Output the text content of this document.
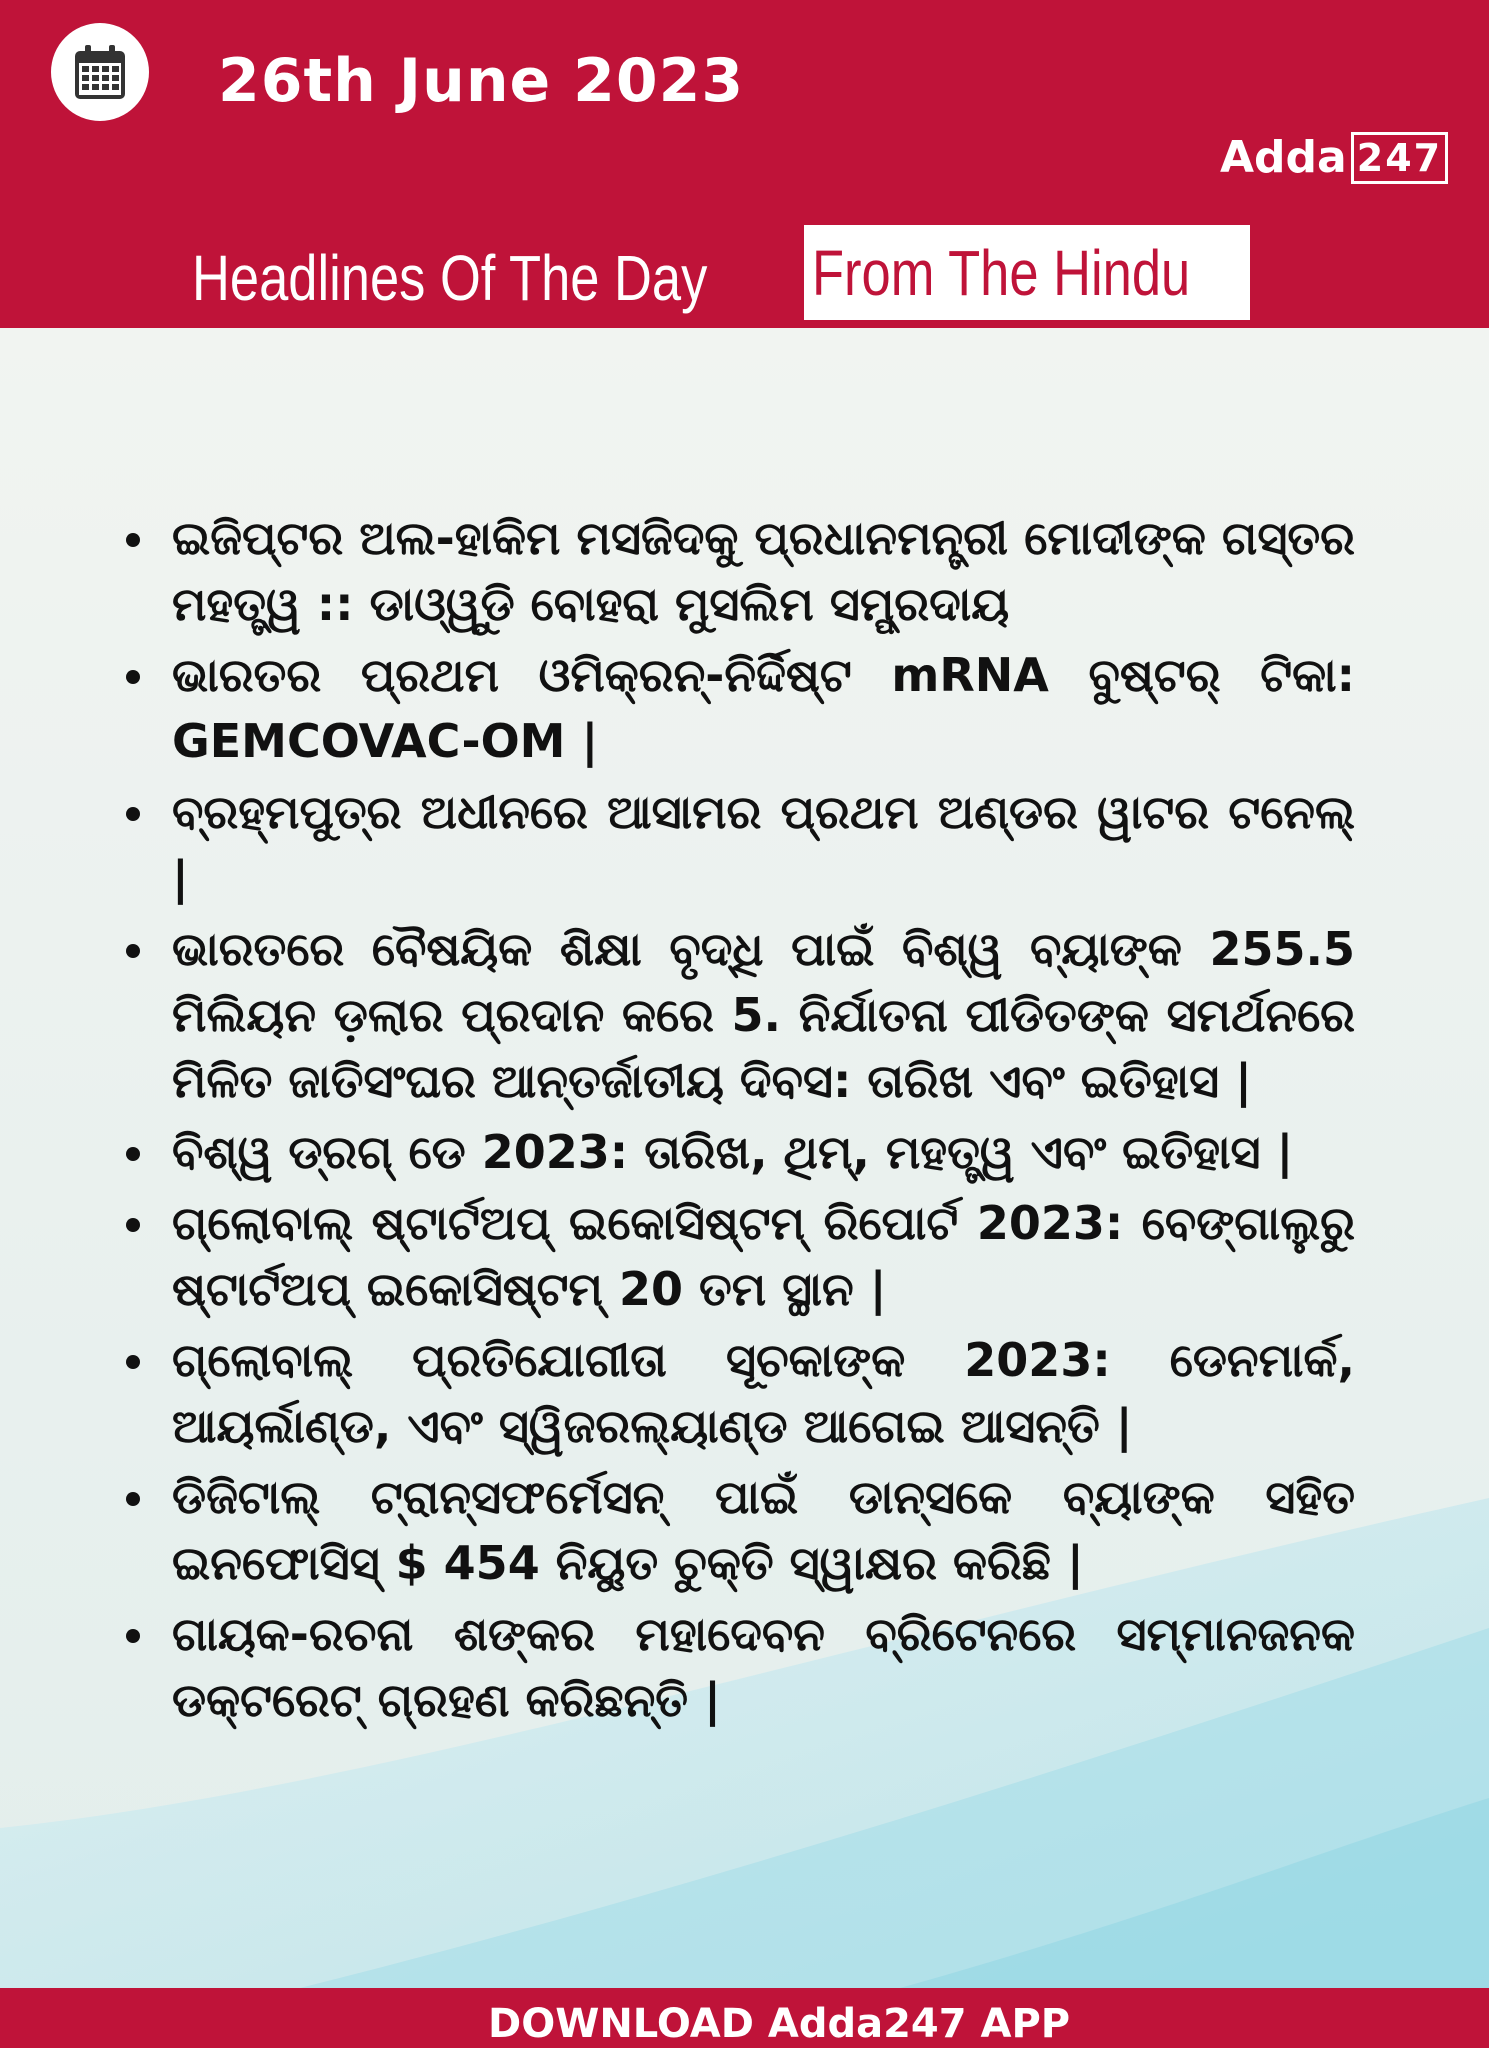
26th June 2023
Adda 247
Headlines Of The Day From The Hindu
ଇଜିପ୍ଟର ଅଲ-ହାକିମ ମସଜିଦକୁ ପ୍ରଧାନମନ୍ତ୍ରୀ ମୋଦୀଙ୍କ ଗସ୍ତର ମହତ୍ତ୍ୱ :: ଡାଓ୍ୱୁଡି ବୋହରା ମୁସଲିମ ସମ୍ପ୍ରଦାୟ
ଭାରତର ପ୍ରଥମ ଓମିକ୍ରନ୍-ନିର୍ଦ୍ଦିଷ୍ଟ mRNA ବୁଷ୍ଟର୍ ଟିକା: GEMCOVAC-OM |
ବ୍ରହ୍ମପୁତ୍ର ଅଧୀନରେ ଆସାମର ପ୍ରଥମ ଅଣ୍ଡର ୱାଟର ଟନେଲ୍ |
ଭାରତରେ ବୈଷୟିକ ଶିକ୍ଷା ବୃଦ୍ଧି ପାଇଁ ବିଶ୍ୱ ବ୍ୟାଙ୍କ 255.5 ମିଲିୟନ ଡ଼ଲାର ପ୍ରଦାନ କରେ 5. ନିର୍ଯାତନା ପୀଡିତଙ୍କ ସମର୍ଥନରେ ମିଳିତ ଜାତିସଂଘର ଆନ୍ତର୍ଜାତୀୟ ଦିବସ: ତାରିଖ ଏବଂ ଇତିହାସ |
ବିଶ୍ୱ ଡ୍ରଗ୍ ଡେ 2023: ତାରିଖ, ଥିମ୍, ମହତ୍ତ୍ୱ ଏବଂ ଇତିହାସ |
ଗ୍ଲୋବାଲ୍ ଷ୍ଟାର୍ଟଅପ୍ ଇକୋସିଷ୍ଟମ୍ ରିପୋର୍ଟ 2023: ବେଙ୍ଗାଲୁରୁ ଷ୍ଟାର୍ଟଅପ୍ ଇକୋସିଷ୍ଟମ୍ 20 ତମ ସ୍ଥାନ |
ଗ୍ଲୋବାଲ୍ ପ୍ରତିଯୋଗୀତା ସୂଚକାଙ୍କ 2023: ଡେନମାର୍କ, ଆୟର୍ଲାଣ୍ଡ, ଏବଂ ସ୍ୱିଜରଲ୍ୟାଣ୍ଡ ଆଗେଇ ଆସନ୍ତି |
ଡିଜିଟାଲ୍ ଟ୍ରାନ୍ସଫର୍ମେସନ୍ ପାଇଁ ଡାନ୍ସକେ ବ୍ୟାଙ୍କ ସହିତ ଇନଫୋସିସ୍ $ 454 ନିୟୁତ ଚୁକ୍ତି ସ୍ୱାକ୍ଷର କରିଛି |
ଗାୟକ-ରଚନା ଶଙ୍କର ମହାଦେବନ ବ୍ରିଟେନରେ ସମ୍ମାନଜନକ ଡକ୍ଟରେଟ୍ ଗ୍ରହଣ କରିଛନ୍ତି |
DOWNLOAD Adda247 APP
